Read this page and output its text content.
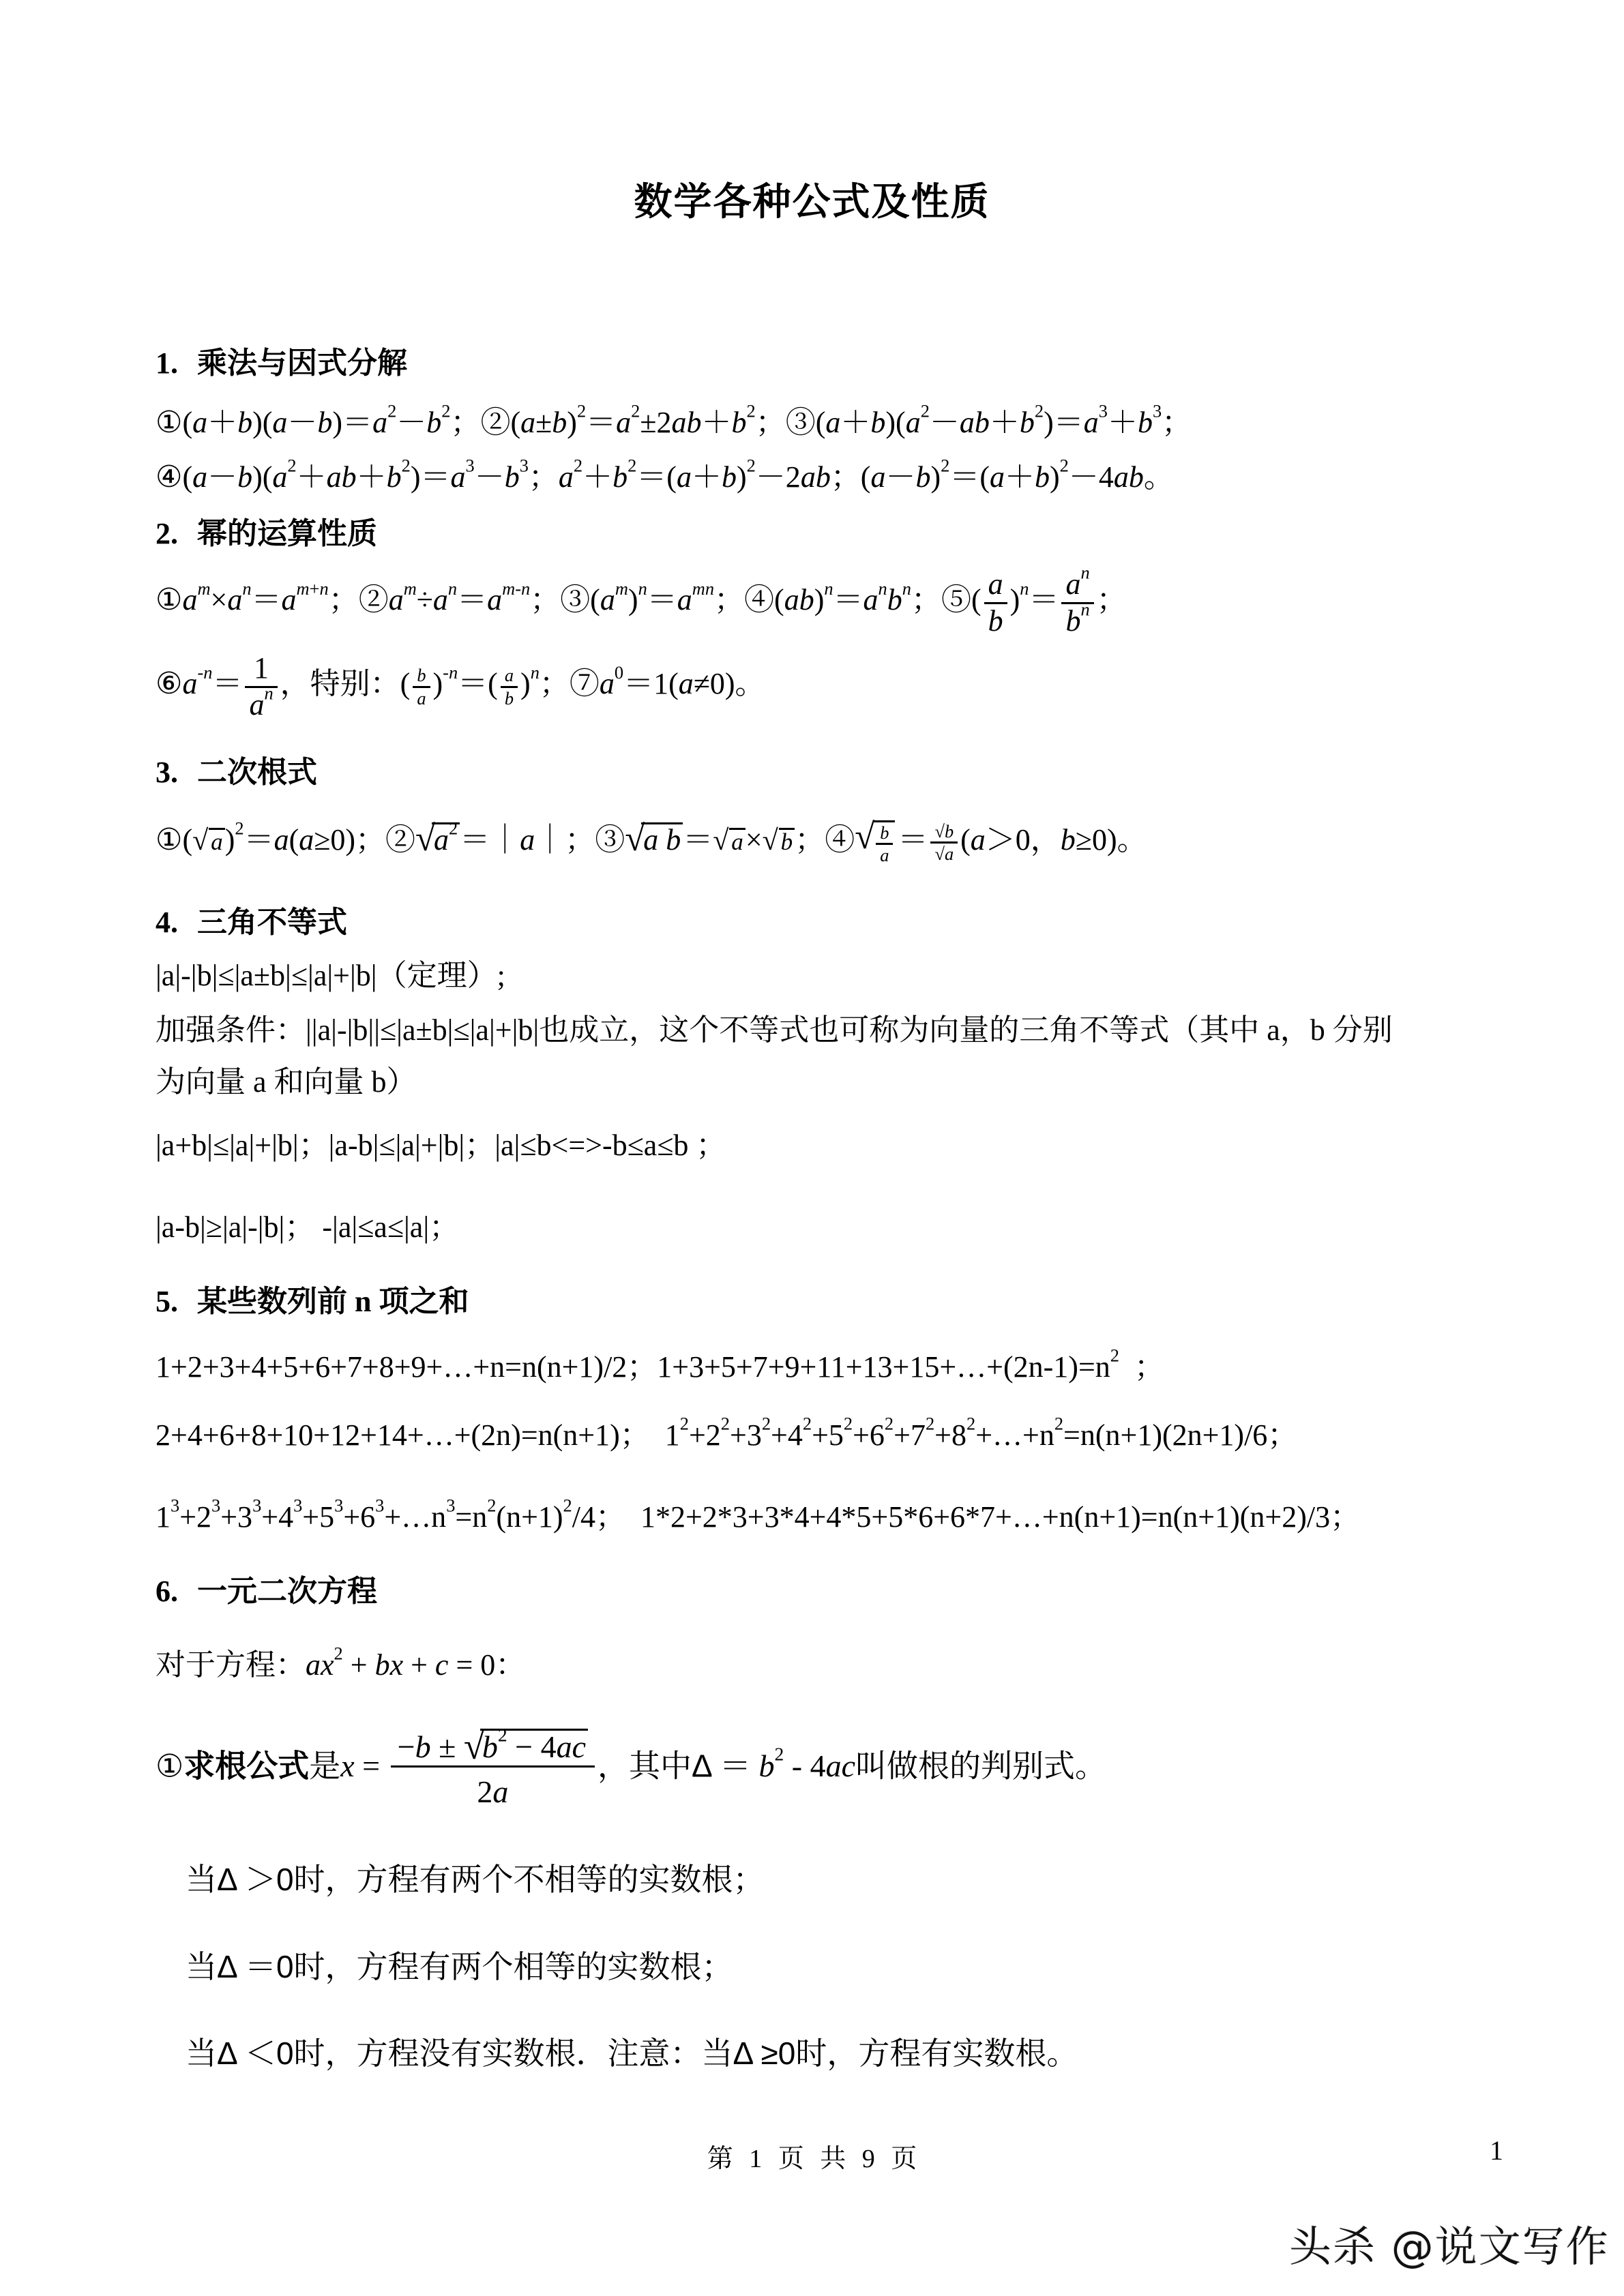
数学各种公式及性质
1. 乘法与因式分解
$①(a+b)(a-b)=a^2-b^2$；$②(a\pm b)^2=a^2\pm 2ab+b^2$；$③(a+b)(a^2-ab+b^2)=a^3+b^3$；
$④(a-b)(a^2+ab+b^2)=a^3-b^3$；$a^2+b^2=(a+b)^2-2ab$；$(a-b)^2=(a+b)^2-4ab$。
2. 幂的运算性质
$①a^m\times a^n=a^{m+n}$；$②a^m\div a^n=a^{m-n}$；$③(a^m)^n=a^{mn}$；$④(ab)^n=a^nb^n$；⑤( $\frac{a}{b} )^n= \frac{a^n}{b^n}$ ；
$⑥a^{-n}= \frac{1}{a^n}$ ，特别：( $\frac{b}{a} )^{-n}=( \frac{a}{b} )^n$；$⑦a^0=1(a\ne 0)$。
3. 二次根式
①( √ a)$^2$＝a(a≥0)；② √ $a^2=|a|$；③ √ a b＝ √ a× √ b；④ √ $\frac{b}{a} = \frac{√b}{√a} (a>0$，b≥0)。
4. 三角不等式
|a|-|b|≤|a±b|≤|a|+|b|（定理）;
加强条件：||a|-|b||≤|a±b|≤|a|+|b|也成立，这个不等式也可称为向量的三角不等式（其中 a，b 分别
为向量 a 和向量 b）
|a+b|≤|a|+|b|；|a-b|≤|a|+|b|；|a|≤b<=>-b≤a≤b ；
|a-b|≥|a|-|b|； -|a|≤a≤|a|；
5. 某些数列前 n 项之和
1+2+3+4+5+6+7+8+9+…+n=n(n+1)/2；$1+3+5+7+9+11+13+15+\dots+(2n-1)=n^2$  ；
2+4+6+8+10+12+14+…+(2n)=n(n+1)；  $1^2+2^2+3^2+4^2+5^2+6^2+7^2+8^2+\dots+n^2=n(n+1)(2n+1)/6$；
$1^3+2^3+3^3+4^3+5^3+6^3+\dots n^3=n^2(n+1)^2/4$；  1*2+2*3+3*4+4*5+5*6+6*7+…+n(n+1)=n(n+1)(n+2)/3；
6. 一元二次方程
对于方程：$ax^2$ + bx + c = 0：
①求根公式是$x = \frac{-b \pm √ b^2 - 4ac}{2a}$ ，其中$\Delta = b^2 - 4ac$叫做根的判别式。
当Δ ＞0时，方程有两个不相等的实数根；
当Δ ＝0时，方程有两个相等的实数根；
当Δ ＜0时，方程没有实数根．注意：当Δ ≥0时，方程有实数根。
第 1 页 共 9 页	1
头杀 @说文写作
